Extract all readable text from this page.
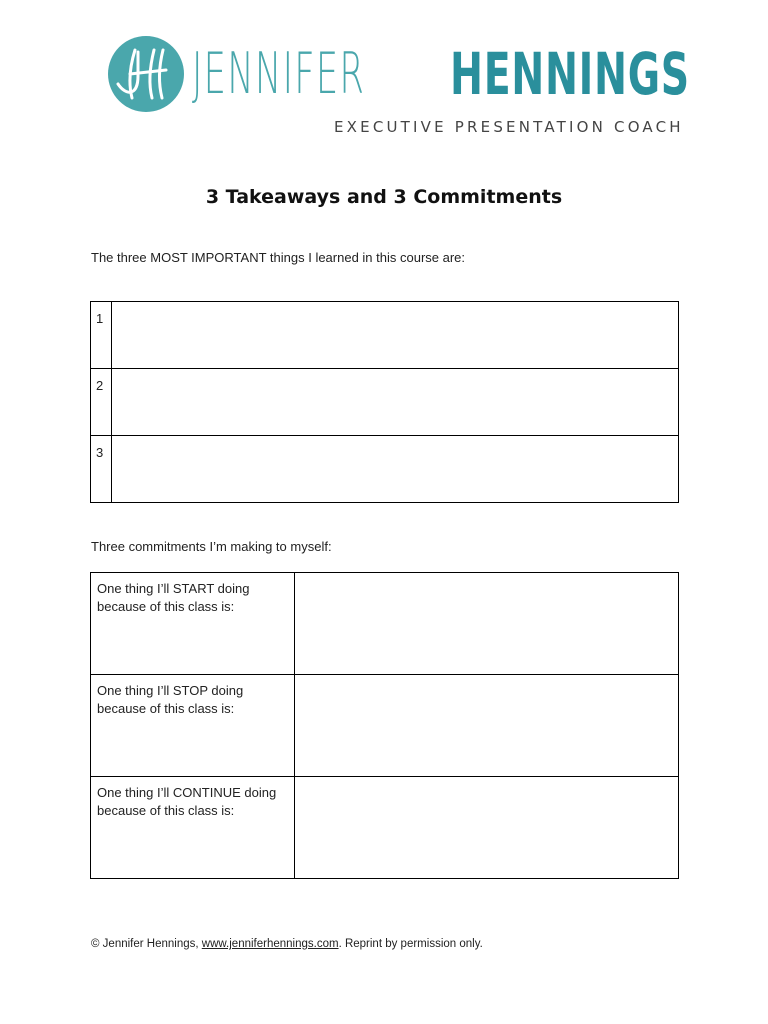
JENNIFER HENNINGS
EXECUTIVE PRESENTATION COACH
3 Takeaways and 3 Commitments
The three MOST IMPORTANT things I learned in this course are:
1	
2	
3	
Three commitments I’m making to myself:
One thing I’ll START doing
because of this class is:	
One thing I’ll STOP doing
because of this class is:	
One thing I’ll CONTINUE doing
because of this class is:	
© Jennifer Hennings, www.jenniferhennings.com. Reprint by permission only.
